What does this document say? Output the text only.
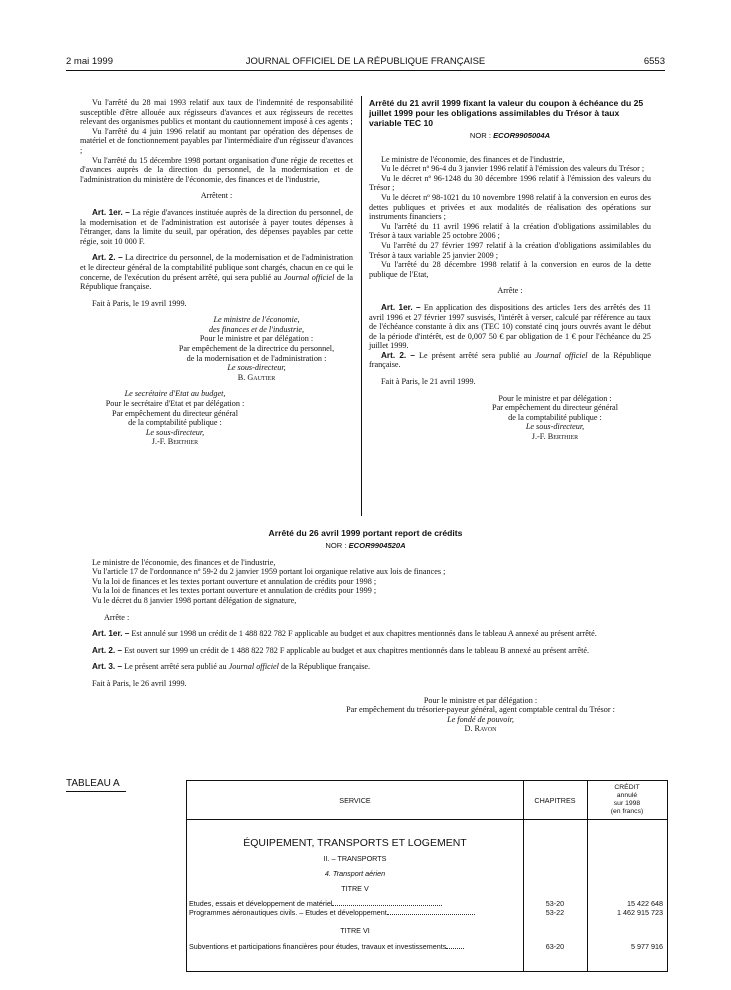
2 mai 1999	JOURNAL OFFICIEL DE LA RÉPUBLIQUE FRANÇAISE	6553

Vu l'arrêté du 28 mai 1993 relatif aux taux de l'indemnité de responsabilité susceptible d'être allouée aux régisseurs d'avances et aux régisseurs de recettes relevant des organismes publics et montant du cautionnement imposé à ces agents ;

Vu l'arrêté du 4 juin 1996 relatif au montant par opération des dépenses de matériel et de fonctionnement payables par l'intermédiaire d'un régisseur d'avances ;

Vu l'arrêté du 15 décembre 1998 portant organisation d'une régie de recettes et d'avances auprès de la direction du personnel, de la modernisation et de l'administration du ministère de l'économie, des finances et de l'industrie,

Arrêtent :

Art. 1er. – La régie d'avances instituée auprès de la direction du personnel, de la modernisation et de l'administration est autorisée à payer toutes dépenses à l'étranger, dans la limite du seuil, par opération, des dépenses payables par cette régie, soit 10 000 F.

Art. 2. – La directrice du personnel, de la modernisation et de l'administration et le directeur général de la comptabilité publique sont chargés, chacun en ce qui le concerne, de l'exécution du présent arrêté, qui sera publié au Journal officiel de la République française.

Fait à Paris, le 19 avril 1999.

Le ministre de l'économie,

des finances et de l'industrie,

Pour le ministre et par délégation :

Par empêchement de la directrice du personnel,

de la modernisation et de l'administration :

Le sous-directeur,

B. Gautier

Le secrétaire d'Etat au budget,

Pour le secrétaire d'Etat et par délégation :

Par empêchement du directeur général

de la comptabilité publique :

Le sous-directeur,

J.-F. Berthier

Arrêté du 21 avril 1999 fixant la valeur du coupon à échéance du 25 juillet 1999 pour les obligations assimilables du Trésor à taux variable TEC 10

NOR : ECOR9905004A

Le ministre de l'économie, des finances et de l'industrie,

Vu le décret nº 96-4 du 3 janvier 1996 relatif à l'émission des valeurs du Trésor ;

Vu le décret nº 96-1248 du 30 décembre 1996 relatif à l'émission des valeurs du Trésor ;

Vu le décret nº 98-1021 du 10 novembre 1998 relatif à la conversion en euros des dettes publiques et privées et aux modalités de réalisation des opérations sur instruments financiers ;

Vu l'arrêté du 11 avril 1996 relatif à la création d'obligations assimilables du Trésor à taux variable 25 octobre 2006 ;

Vu l'arrêté du 27 février 1997 relatif à la création d'obligations assimilables du Trésor à taux variable 25 janvier 2009 ;

Vu l'arrêté du 28 décembre 1998 relatif à la conversion en euros de la dette publique de l'Etat,

Arrête :

Art. 1er. – En application des dispositions des articles 1ers des arrêtés des 11 avril 1996 et 27 février 1997 susvisés, l'intérêt à verser, calculé par référence au taux de l'échéance constante à dix ans (TEC 10) constaté cinq jours ouvrés avant le début de la période d'intérêt, est de 0,007 50 € par obligation de 1 € pour l'échéance du 25 juillet 1999.

Art. 2. – Le présent arrêté sera publié au Journal officiel de la République française.

Fait à Paris, le 21 avril 1999.

Pour le ministre et par délégation :

Par empêchement du directeur général

de la comptabilité publique :

Le sous-directeur,

J.-F. Berthier

Arrêté du 26 avril 1999 portant report de crédits

NOR : ECOR9904520A

Le ministre de l'économie, des finances et de l'industrie,

Vu l'article 17 de l'ordonnance nº 59-2 du 2 janvier 1959 portant loi organique relative aux lois de finances ;

Vu la loi de finances et les textes portant ouverture et annulation de crédits pour 1998 ;

Vu la loi de finances et les textes portant ouverture et annulation de crédits pour 1999 ;

Vu le décret du 8 janvier 1998 portant délégation de signature,

Arrête :

Art. 1er. – Est annulé sur 1998 un crédit de 1 488 822 782 F applicable au budget et aux chapitres mentionnés dans le tableau A annexé au présent arrêté.

Art. 2. – Est ouvert sur 1999 un crédit de 1 488 822 782 F applicable au budget et aux chapitres mentionnés dans le tableau B annexé au présent arrêté.

Art. 3. – Le présent arrêté sera publié au Journal officiel de la République française.

Fait à Paris, le 26 avril 1999.

Pour le ministre et par délégation :

Par empêchement du trésorier-payeur général, agent comptable central du Trésor :

Le fondé de pouvoir,

D. Ravon

TABLEAU A
SERVICE	CHAPITRES
CRÉDIT
annulé
sur 1998
(en francs)
ÉQUIPEMENT, TRANSPORTS ET LOGEMENT
II. – TRANSPORTS
4. Transport aérien
TITRE V
Etudes, essais et développement de matériel	53-20	15 422 648
Programmes aéronautiques civils. – Etudes et développement	53-22	1 462 915 723
TITRE VI
Subventions et participations financières pour études, travaux et investissements	63-20	5 977 916
